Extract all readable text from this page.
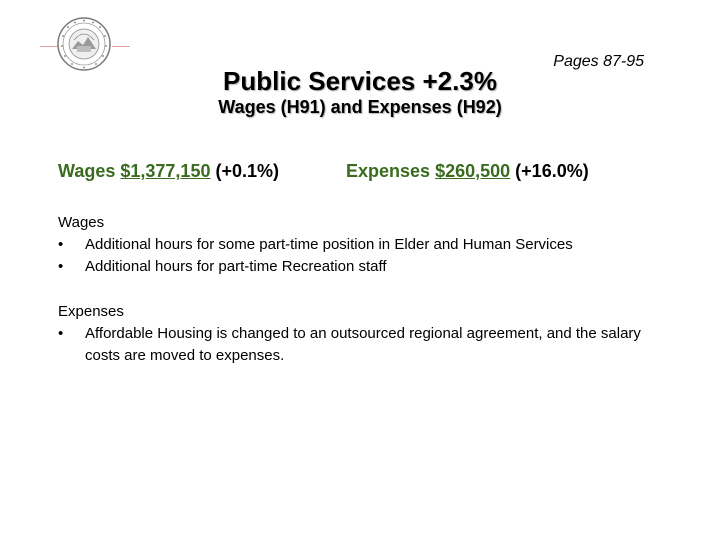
Pages 87-95
Public Services +2.3%
Wages (H91) and Expenses (H92)
Wages $1,377,150 (+0.1%)	Expenses $260,500 (+16.0%)
Wages
• Additional hours for some part-time position in Elder and Human Services
• Additional hours for part-time Recreation staff
Expenses
• Affordable Housing is changed to an outsourced regional agreement, and the salary costs are moved to expenses.
